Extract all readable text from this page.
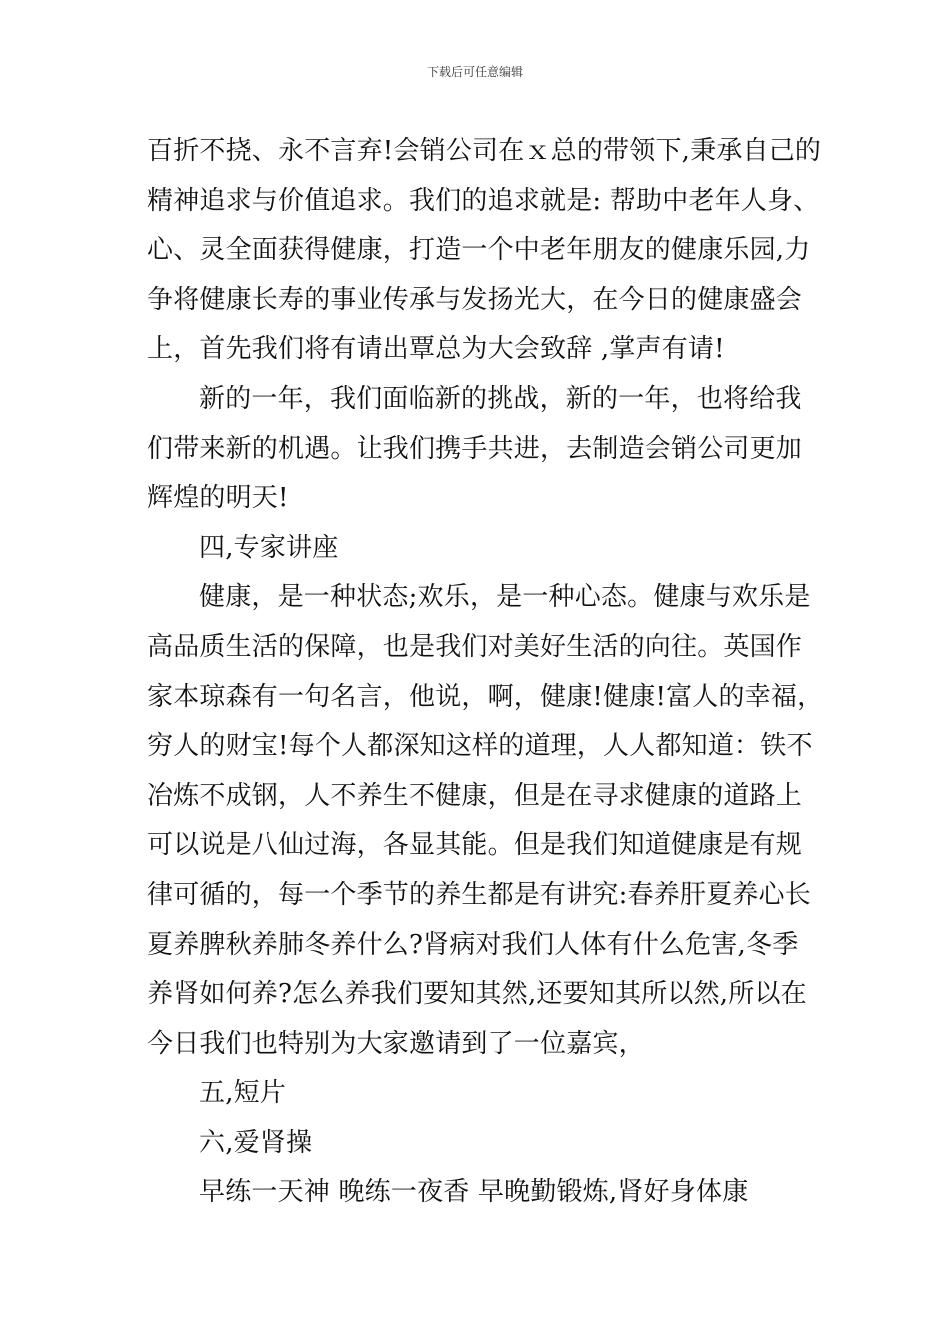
下载后可任意编辑
百折不挠、永不言弃!会销公司在ｘ总的带领下,秉承自己的
精神追求与价值追求。我们的追求就是: 帮助中老年人身、
心、灵全面获得健康，打造一个中老年朋友的健康乐园,力
争将健康长寿的事业传承与发扬光大，在今日的健康盛会
上，首先我们将有请出覃总为大会致辞 ,掌声有请!
新的一年，我们面临新的挑战，新的一年，也将给我
们带来新的机遇。让我们携手共进，去制造会销公司更加
辉煌的明天!
四,专家讲座
健康，是一种状态;欢乐，是一种心态。健康与欢乐是
高品质生活的保障，也是我们对美好生活的向往。英国作
家本琼森有一句名言，他说，啊，健康!健康!富人的幸福，
穷人的财宝!每个人都深知这样的道理，人人都知道：铁不
冶炼不成钢，人不养生不健康，但是在寻求健康的道路上
可以说是八仙过海，各显其能。但是我们知道健康是有规
律可循的，每一个季节的养生都是有讲究:春养肝夏养心长
夏养脾秋养肺冬养什么?肾病对我们人体有什么危害,冬季
养肾如何养?怎么养我们要知其然,还要知其所以然,所以在
今日我们也特别为大家邀请到了一位嘉宾，
五,短片
六,爱肾操
早练一天神 晚练一夜香 早晚勤锻炼,肾好身体康
